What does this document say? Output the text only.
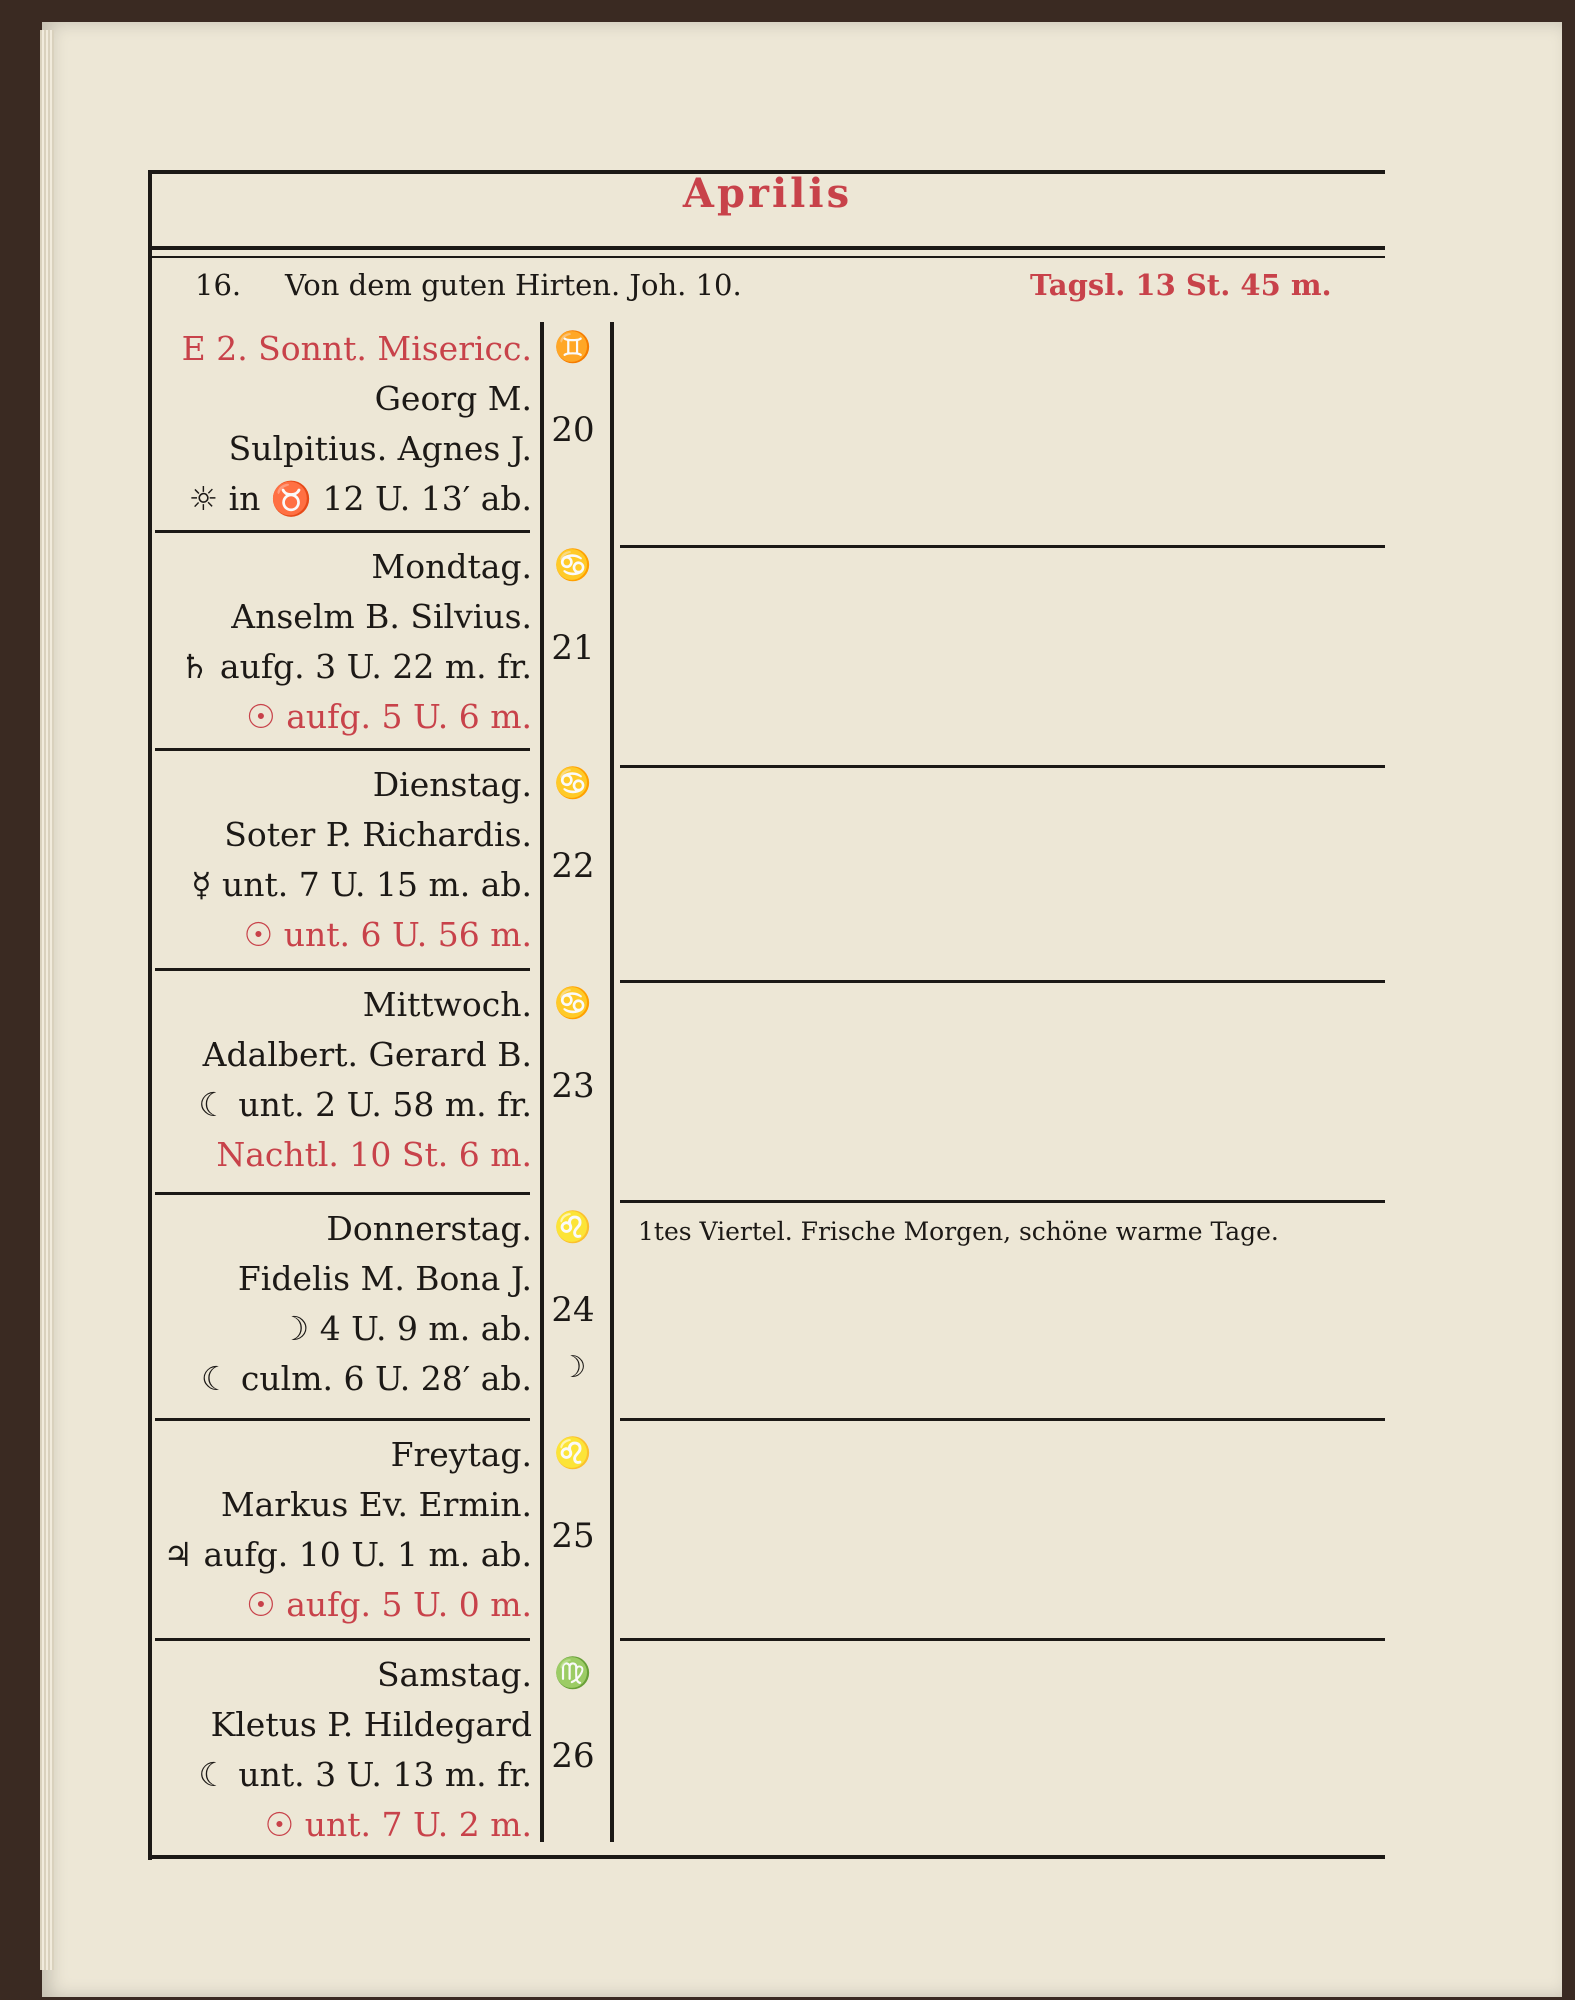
Aprilis
16. Von dem guten Hirten. Joh. 10.	Tagsl. 13 St. 45 m.
E 2. Sonnt. Misericc.
Georg M.
Sulpitius. Agnes J.
☼ in ♉ 12 U. 13′ ab.
♊
20
Mondtag.
Anselm B. Silvius.
♄ aufg. 3 U. 22 m. fr.
☉ aufg. 5 U. 6 m.
♋
21
Dienstag.
Soter P. Richardis.
☿ unt. 7 U. 15 m. ab.
☉ unt. 6 U. 56 m.
♋
22
Mittwoch.
Adalbert. Gerard B.
☾ unt. 2 U. 58 m. fr.
Nachtl. 10 St. 6 m.
♋
23
Donnerstag.
Fidelis M. Bona J.
☽ 4 U. 9 m. ab.
☾ culm. 6 U. 28′ ab.
♌
24
☽
Freytag.
Markus Ev. Ermin.
♃ aufg. 10 U. 1 m. ab.
☉ aufg. 5 U. 0 m.
♌
25
Samstag.
Kletus P. Hildegard
☾ unt. 3 U. 13 m. fr.
☉ unt. 7 U. 2 m.
♍
26
1tes Viertel. Frische Morgen, schöne warme Tage.
